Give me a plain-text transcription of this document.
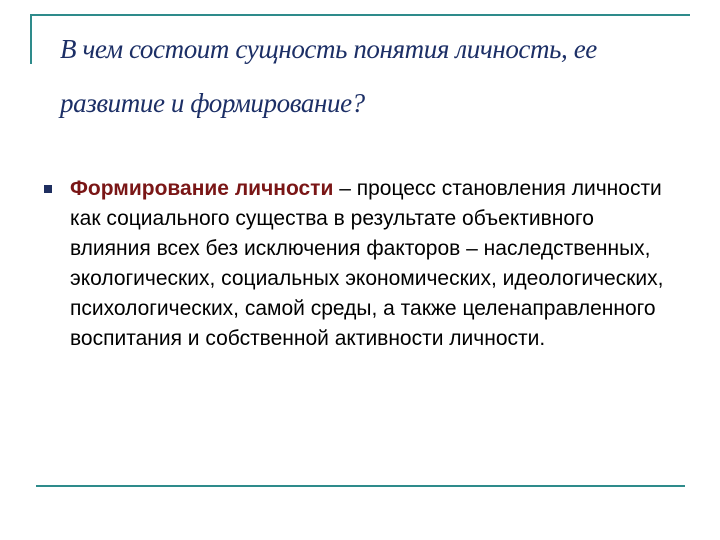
В чем состоит сущность понятия личность, ее развитие и формирование?
Формирование личности – процесс становления личности как социального существа в результате объективного влияния всех без исключения факторов – наследственных, экологических, социальных экономических, идеологических, психологических, самой среды, а также целенаправленного воспитания и собственной активности личности.
